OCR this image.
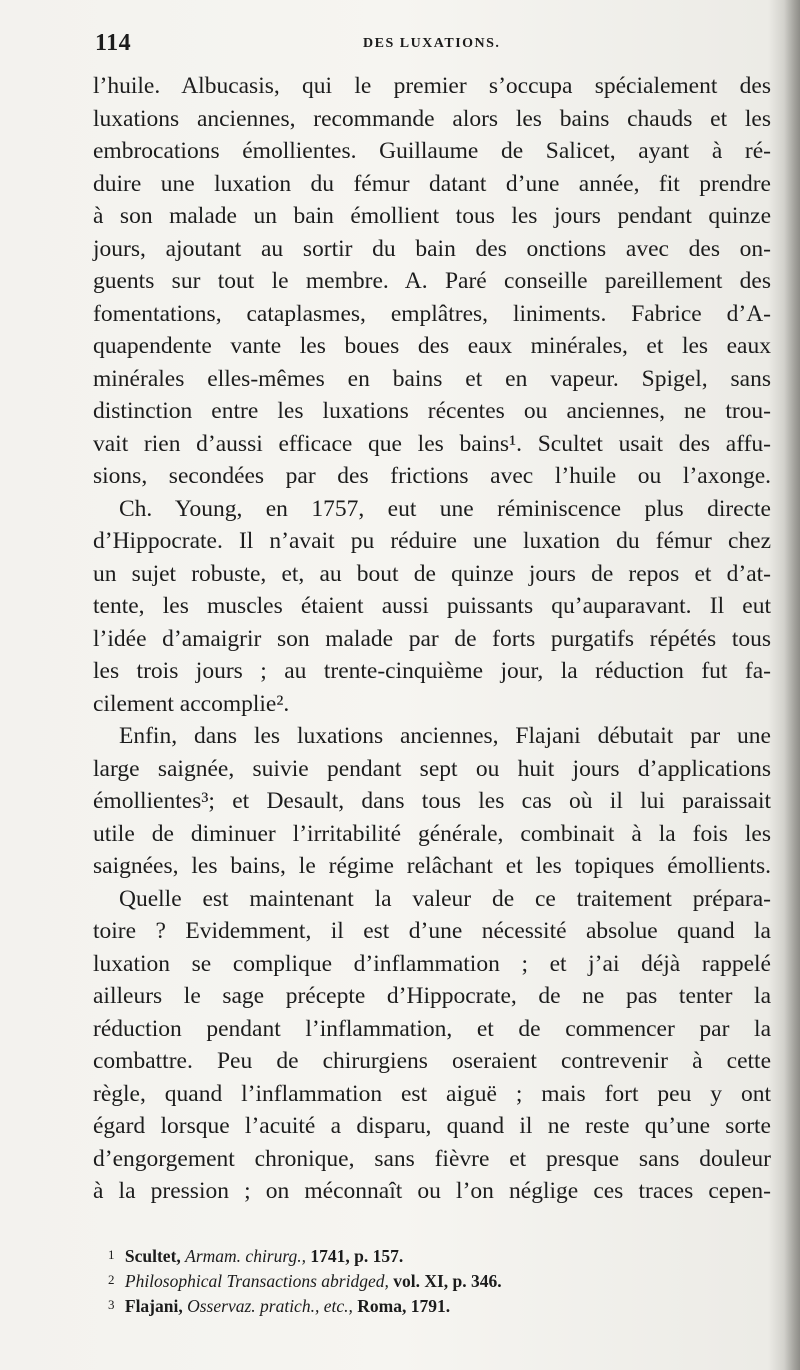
114	DES LUXATIONS.
l’huile. Albucasis, qui le premier s’occupa spécialement des
luxations anciennes, recommande alors les bains chauds et les
embrocations émollientes. Guillaume de Salicet, ayant à ré-
duire une luxation du fémur datant d’une année, fit prendre
à son malade un bain émollient tous les jours pendant quinze
jours, ajoutant au sortir du bain des onctions avec des on-
guents sur tout le membre. A. Paré conseille pareillement des
fomentations, cataplasmes, emplâtres, liniments. Fabrice d’A-
quapendente vante les boues des eaux minérales, et les eaux
minérales elles-mêmes en bains et en vapeur. Spigel, sans
distinction entre les luxations récentes ou anciennes, ne trou-
vait rien d’aussi efficace que les bains¹. Scultet usait des affu-
sions, secondées par des frictions avec l’huile ou l’axonge.
Ch. Young, en 1757, eut une réminiscence plus directe
d’Hippocrate. Il n’avait pu réduire une luxation du fémur chez
un sujet robuste, et, au bout de quinze jours de repos et d’at-
tente, les muscles étaient aussi puissants qu’auparavant. Il eut
l’idée d’amaigrir son malade par de forts purgatifs répétés tous
les trois jours ; au trente-cinquième jour, la réduction fut fa-
cilement accomplie².
Enfin, dans les luxations anciennes, Flajani débutait par une
large saignée, suivie pendant sept ou huit jours d’applications
émollientes³; et Desault, dans tous les cas où il lui paraissait
utile de diminuer l’irritabilité générale, combinait à la fois les
saignées, les bains, le régime relâchant et les topiques émollients.
Quelle est maintenant la valeur de ce traitement prépara-
toire ? Evidemment, il est d’une nécessité absolue quand la
luxation se complique d’inflammation ; et j’ai déjà rappelé
ailleurs le sage précepte d’Hippocrate, de ne pas tenter la
réduction pendant l’inflammation, et de commencer par la
combattre. Peu de chirurgiens oseraient contrevenir à cette
règle, quand l’inflammation est aiguë ; mais fort peu y ont
égard lorsque l’acuité a disparu, quand il ne reste qu’une sorte
d’engorgement chronique, sans fièvre et presque sans douleur
à la pression ; on méconnaît ou l’on néglige ces traces cepen-
1 Scultet, Armam. chirurg., 1741, p. 157.
2 Philosophical Transactions abridged, vol. XI, p. 346.
3 Flajani, Osservaz. pratich., etc., Roma, 1791.
